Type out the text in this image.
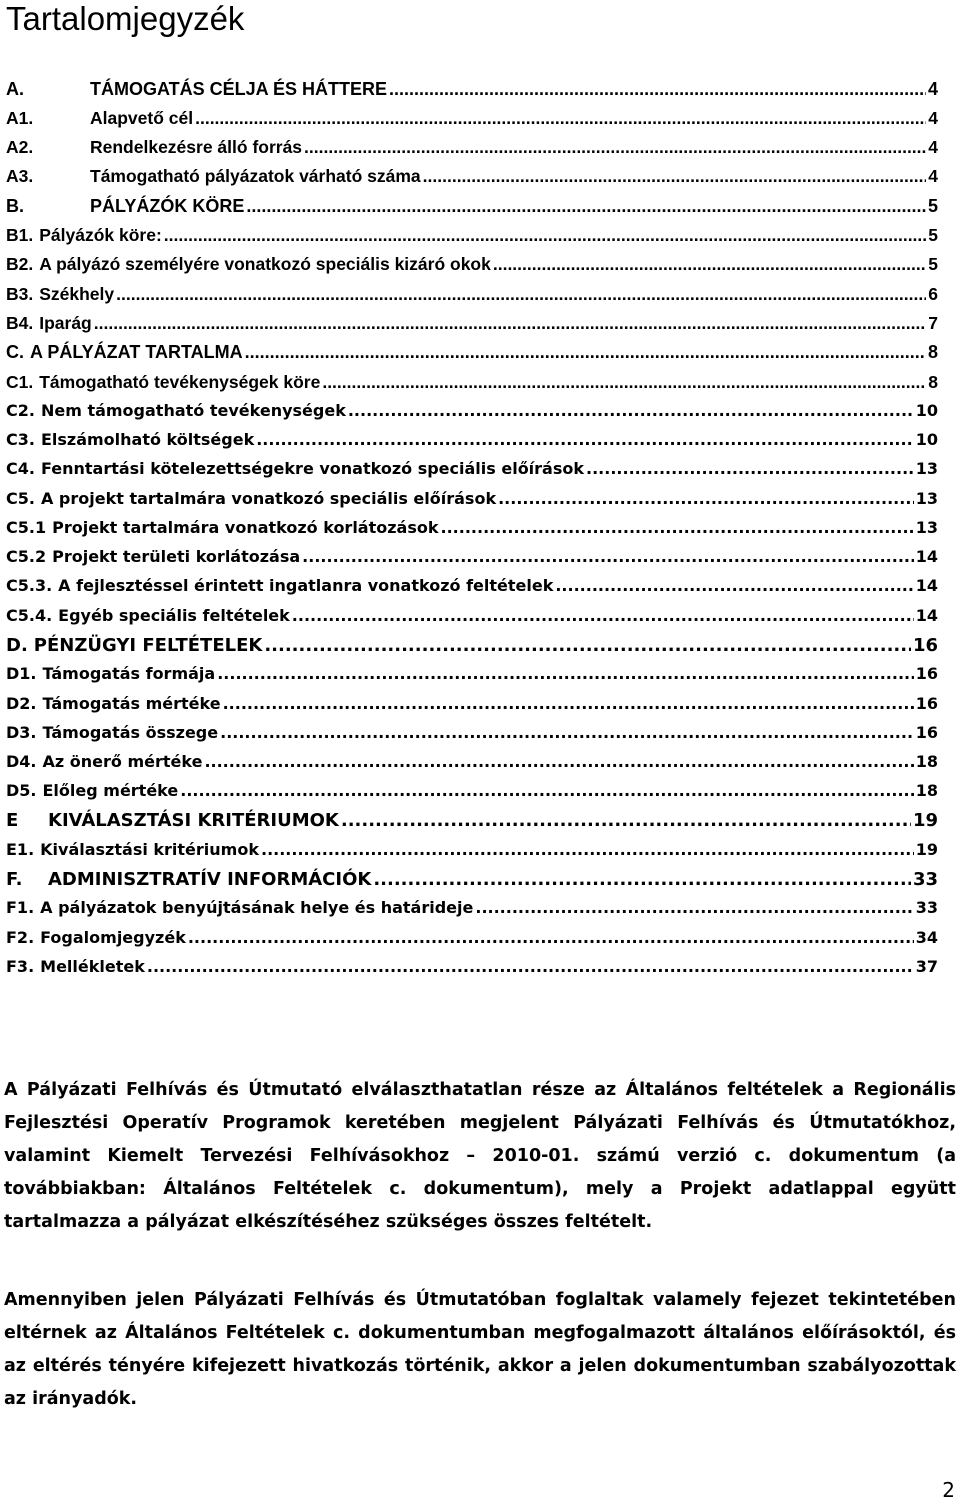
Tartalomjegyzék
A.	TÁMOGATÁS CÉLJA ÉS HÁTTERE .....	4
A1.	Alapvető cél .....	4
A2.	Rendelkezésre álló forrás .....	4
A3.	Támogatható pályázatok várható száma .....	4
B.	PÁLYÁZÓK KÖRE .....	5
B1. Pályázók köre: .....	5
B2. A pályázó személyére vonatkozó speciális kizáró okok .....	5
B3. Székhely .....	6
B4. Iparág .....	7
C. A PÁLYÁZAT TARTALMA .....	8
C1. Támogatható tevékenységek köre .....	8
C2. Nem támogatható tevékenységek .....	10
C3. Elszámolható költségek .....	10
C4. Fenntartási kötelezettségekre vonatkozó speciális előírások .....	13
C5. A projekt tartalmára vonatkozó speciális előírások .....	13
C5.1 Projekt tartalmára vonatkozó korlátozások .....	13
C5.2 Projekt területi korlátozása .....	14
C5.3. A fejlesztéssel érintett ingatlanra vonatkozó feltételek .....	14
C5.4. Egyéb speciális feltételek .....	14
D. PÉNZÜGYI FELTÉTELEK .....	16
D1. Támogatás formája .....	16
D2. Támogatás mértéke .....	16
D3. Támogatás összege .....	16
D4. Az önerő mértéke .....	18
D5. Előleg mértéke .....	18
E	KIVÁLASZTÁSI KRITÉRIUMOK .....	19
E1. Kiválasztási kritériumok .....	19
F.	ADMINISZTRATÍV INFORMÁCIÓK .....	33
F1. A pályázatok benyújtásának helye és határideje .....	33
F2. Fogalomjegyzék .....	34
F3. Mellékletek .....	37

A Pályázati Felhívás és Útmutató elválaszthatatlan része az Általános feltételek a Regionális Fejlesztési Operatív Programok keretében megjelent Pályázati Felhívás és Útmutatókhoz, valamint Kiemelt Tervezési Felhívásokhoz – 2010-01. számú verzió c. dokumentum (a továbbiakban: Általános Feltételek c. dokumentum), mely a Projekt adatlappal együtt tartalmazza a pályázat elkészítéséhez szükséges összes feltételt.

Amennyiben jelen Pályázati Felhívás és Útmutatóban foglaltak valamely fejezet tekintetében eltérnek az Általános Feltételek c. dokumentumban megfogalmazott általános előírásoktól, és az eltérés tényére kifejezett hivatkozás történik, akkor a jelen dokumentumban szabályozottak az irányadók.

2
